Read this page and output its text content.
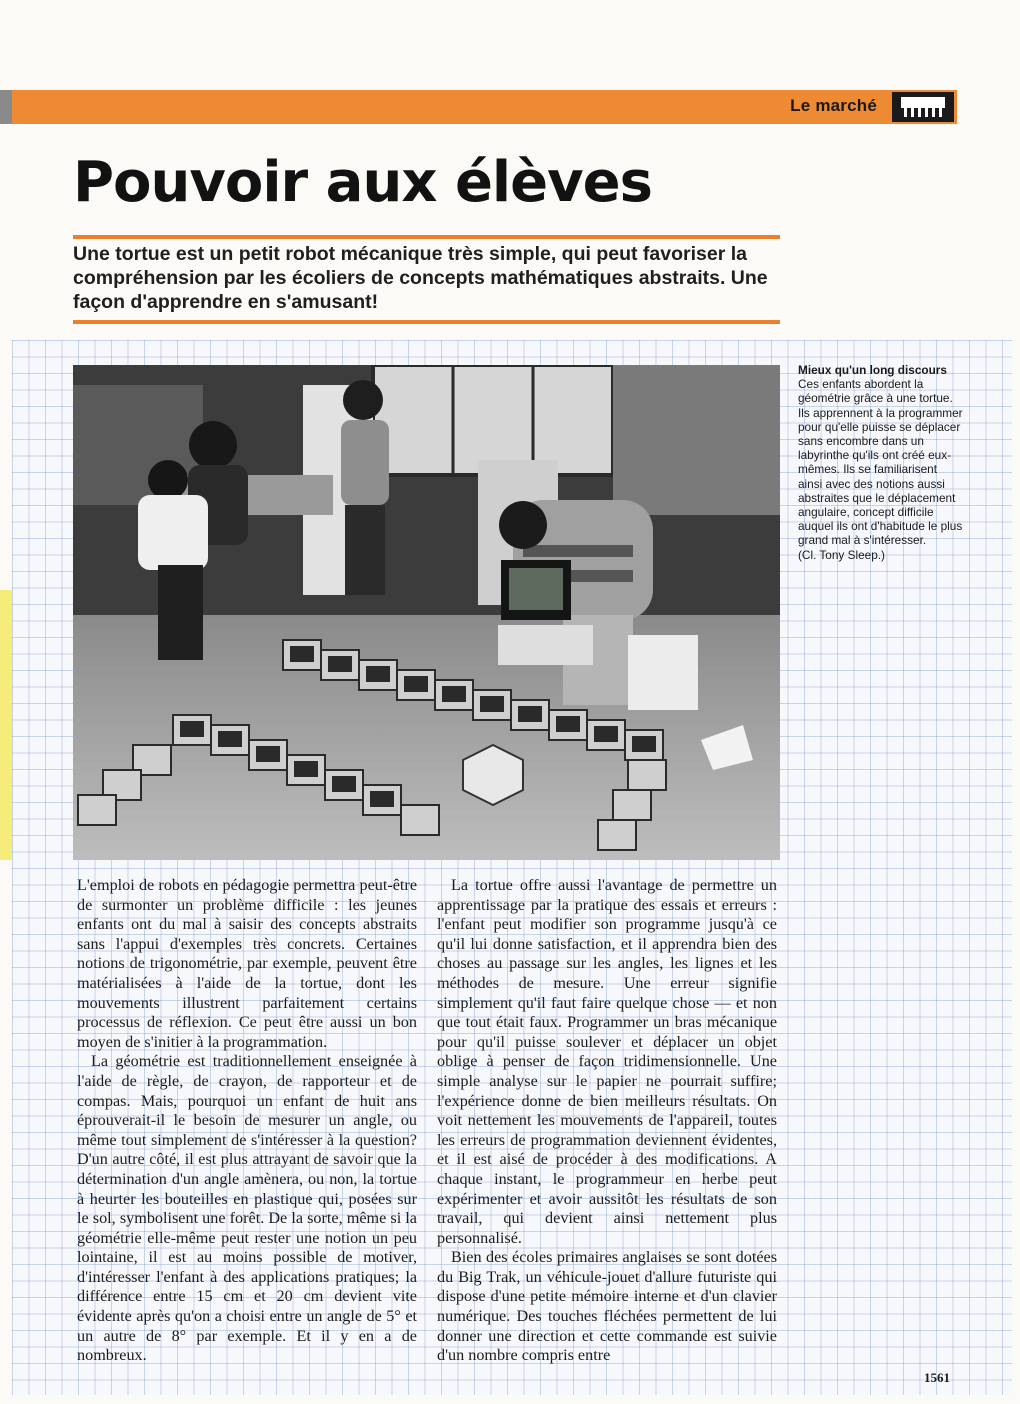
Le marché
Pouvoir aux élèves

Une tortue est un petit robot mécanique très simple, qui peut favoriser la compréhension par les écoliers de concepts mathématiques abstraits. Une façon d'apprendre en s'amusant!

Mieux qu'un long discours
Ces enfants abordent la géométrie grâce à une tortue. Ils apprennent à la programmer pour qu'elle puisse se déplacer sans encombre dans un labyrinthe qu'ils ont créé eux-mêmes. Ils se familiarisent ainsi avec des notions aussi abstraites que le déplacement angulaire, concept difficile auquel ils ont d'habitude le plus grand mal à s'intéresser.
(Cl. Tony Sleep.)

L'emploi de robots en pédagogie permettra peut-être de surmonter un problème difficile : les jeunes enfants ont du mal à saisir des concepts abstraits sans l'appui d'exemples très concrets. Certaines notions de trigonométrie, par exemple, peuvent être matérialisées à l'aide de la tortue, dont les mouvements illustrent parfaitement certains processus de réflexion. Ce peut être aussi un bon moyen de s'initier à la programmation.

La géométrie est traditionnellement enseignée à l'aide de règle, de crayon, de rapporteur et de compas. Mais, pourquoi un enfant de huit ans éprouverait-il le besoin de mesurer un angle, ou même tout simplement de s'intéresser à la question? D'un autre côté, il est plus attrayant de savoir que la détermination d'un angle amènera, ou non, la tortue à heurter les bouteilles en plastique qui, posées sur le sol, symbolisent une forêt. De la sorte, même si la géométrie elle-même peut rester une notion un peu lointaine, il est au moins possible de motiver, d'intéresser l'enfant à des applications pratiques; la différence entre 15 cm et 20 cm devient vite évidente après qu'on a choisi entre un angle de 5° et un autre de 8° par exemple. Et il y en a de nombreux.

La tortue offre aussi l'avantage de permettre un apprentissage par la pratique des essais et erreurs : l'enfant peut modifier son programme jusqu'à ce qu'il lui donne satisfaction, et il apprendra bien des choses au passage sur les angles, les lignes et les méthodes de mesure. Une erreur signifie simplement qu'il faut faire quelque chose — et non que tout était faux. Programmer un bras mécanique pour qu'il puisse soulever et déplacer un objet oblige à penser de façon tridimensionnelle. Une simple analyse sur le papier ne pourrait suffire; l'expérience donne de bien meilleurs résultats. On voit nettement les mouvements de l'appareil, toutes les erreurs de programmation deviennent évidentes, et il est aisé de procéder à des modifications. A chaque instant, le programmeur en herbe peut expérimenter et avoir aussitôt les résultats de son travail, qui devient ainsi nettement plus personnalisé.

Bien des écoles primaires anglaises se sont dotées du Big Trak, un véhicule-jouet d'allure futuriste qui dispose d'une petite mémoire interne et d'un clavier numérique. Des touches fléchées permettent de lui donner une direction et cette commande est suivie d'un nombre compris entre

1561
